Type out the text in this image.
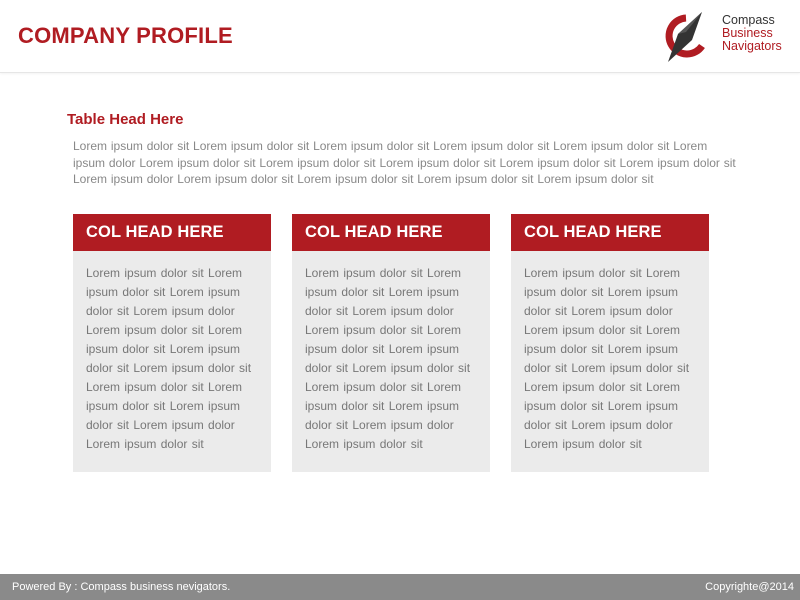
COMPANY PROFILE
Compass
Business
Navigators
Table Head Here
Lorem ipsum dolor sit Lorem ipsum dolor sit Lorem ipsum dolor sit Lorem ipsum dolor sit Lorem ipsum dolor sit Lorem ipsum dolor Lorem ipsum dolor sit Lorem ipsum dolor sit Lorem ipsum dolor sit Lorem ipsum dolor sit Lorem ipsum dolor sit Lorem ipsum dolor Lorem ipsum dolor sit Lorem ipsum dolor sit Lorem ipsum dolor sit Lorem ipsum dolor sit
COL HEAD HERE
Lorem ipsum dolor sit Lorem ipsum dolor sit Lorem ipsum dolor sit Lorem ipsum dolor Lorem ipsum dolor sit Lorem ipsum dolor sit Lorem ipsum dolor sit Lorem ipsum dolor sit Lorem ipsum dolor sit Lorem ipsum dolor sit Lorem ipsum dolor sit Lorem ipsum dolor Lorem ipsum dolor sit
COL HEAD HERE
Lorem ipsum dolor sit Lorem ipsum dolor sit Lorem ipsum dolor sit Lorem ipsum dolor Lorem ipsum dolor sit Lorem ipsum dolor sit Lorem ipsum dolor sit Lorem ipsum dolor sit Lorem ipsum dolor sit Lorem ipsum dolor sit Lorem ipsum dolor sit Lorem ipsum dolor Lorem ipsum dolor sit
COL HEAD HERE
Lorem ipsum dolor sit Lorem ipsum dolor sit Lorem ipsum dolor sit Lorem ipsum dolor Lorem ipsum dolor sit Lorem ipsum dolor sit Lorem ipsum dolor sit Lorem ipsum dolor sit Lorem ipsum dolor sit Lorem ipsum dolor sit Lorem ipsum dolor sit Lorem ipsum dolor Lorem ipsum dolor sit
Powered By : Compass business nevigators.	Copyrighte@2014
